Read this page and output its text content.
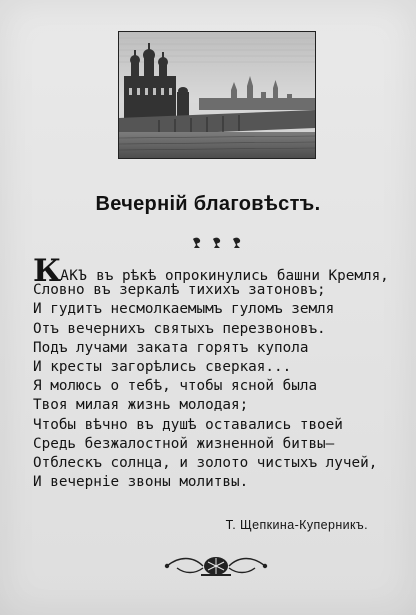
Вечерній благовѣстъ.
КАКЪ въ рѣкѣ опрокинулись башни Кремля,
Словно въ зеркалѣ тихихъ затоновъ;
И гудитъ несмолкаемымъ гуломъ земля
Отъ вечернихъ святыхъ перезвоновъ.
Подъ лучами заката горятъ купола
И кресты загорѣлись сверкая...
Я молюсь о тебѣ, чтобы ясной была
Твоя милая жизнь молодая;
Чтобы вѣчно въ душѣ оставались твоей
Средь безжалостной жизненной битвы—
Отблескъ солнца, и золото чистыхъ лучей,
И вечерніе звоны молитвы.
Т. Щепкина-Куперникъ.
